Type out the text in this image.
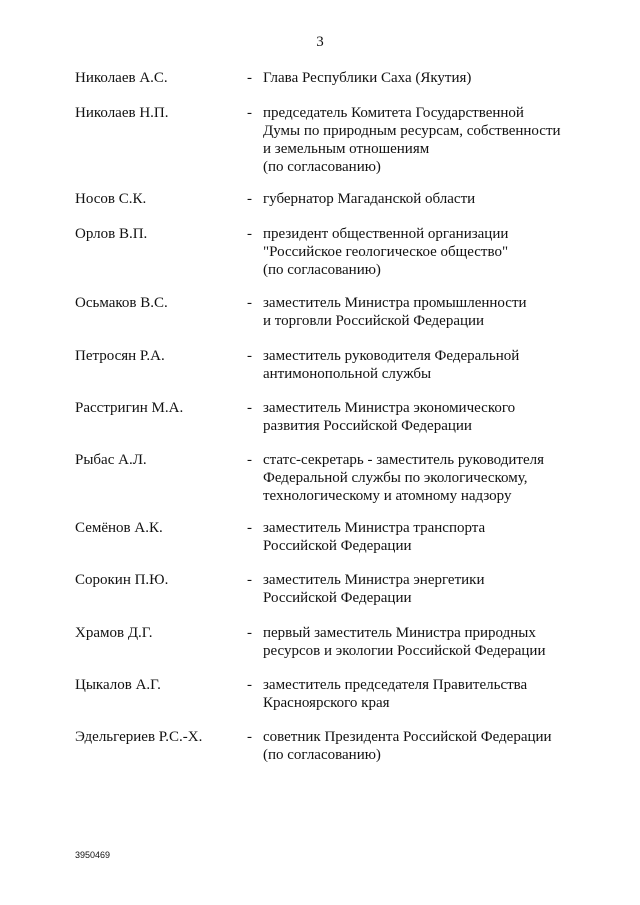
3
Николаев А.С.	- Глава Республики Саха (Якутия)
Николаев Н.П.	- председатель Комитета Государственной
Думы по природным ресурсам, собственности
и земельным отношениям
(по согласованию)
Носов С.К.	- губернатор Магаданской области
Орлов В.П.	- президент общественной организации
"Российское геологическое общество"
(по согласованию)
Осьмаков В.С.	- заместитель Министра промышленности
и торговли Российской Федерации
Петросян Р.А.	- заместитель руководителя Федеральной
антимонопольной службы
Расстригин М.А.	- заместитель Министра экономического
развития Российской Федерации
Рыбас А.Л.	- статс-секретарь - заместитель руководителя
Федеральной службы по экологическому,
технологическому и атомному надзору
Семёнов А.К.	- заместитель Министра транспорта
Российской Федерации
Сорокин П.Ю.	- заместитель Министра энергетики
Российской Федерации
Храмов Д.Г.	- первый заместитель Министра природных
ресурсов и экологии Российской Федерации
Цыкалов А.Г.	- заместитель председателя Правительства
Красноярского края
Эдельгериев Р.С.-Х.	- советник Президента Российской Федерации
(по согласованию)
3950469
